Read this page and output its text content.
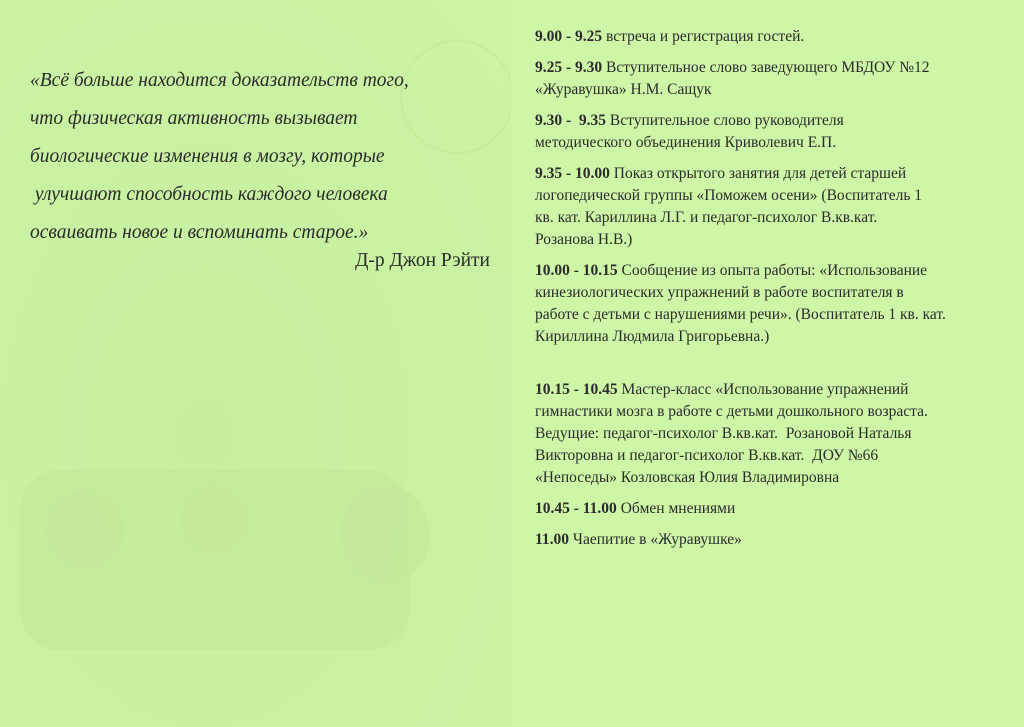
«Всё больше находится доказательств того,
что физическая активность вызывает
биологические изменения в мозгу, которые
улучшают способность каждого человека
осваивать новое и вспоминать старое.»

Д-р Джон Рэйти

9.00 - 9.25 встреча и регистрация гостей.

9.25 - 9.30 Вступительное слово заведующего МБДОУ №12
«Журавушка» Н.М. Сащук

9.30 -  9.35 Вступительное слово руководителя
методического объединения Криволевич Е.П.

9.35 - 10.00 Показ открытого занятия для детей старшей
логопедической группы «Поможем осени» (Воспитатель 1
кв. кат. Кариллина Л.Г. и педагог-психолог В.кв.кат.
Розанова Н.В.)

10.00 - 10.15 Сообщение из опыта работы: «Использование
кинезиологических упражнений в работе воспитателя в
работе с детьми с нарушениями речи». (Воспитатель 1 кв. кат.
Кириллина Людмила Григорьевна.)

10.15 - 10.45 Мастер-класс «Использование упражнений
гимнастики мозга в работе с детьми дошкольного возраста.
Ведущие: педагог-психолог В.кв.кат.  Розановой Наталья
Викторовна и педагог-психолог В.кв.кат.  ДОУ №66
«Непоседы» Козловская Юлия Владимировна

10.45 - 11.00 Обмен мнениями

11.00 Чаепитие в «Журавушке»
